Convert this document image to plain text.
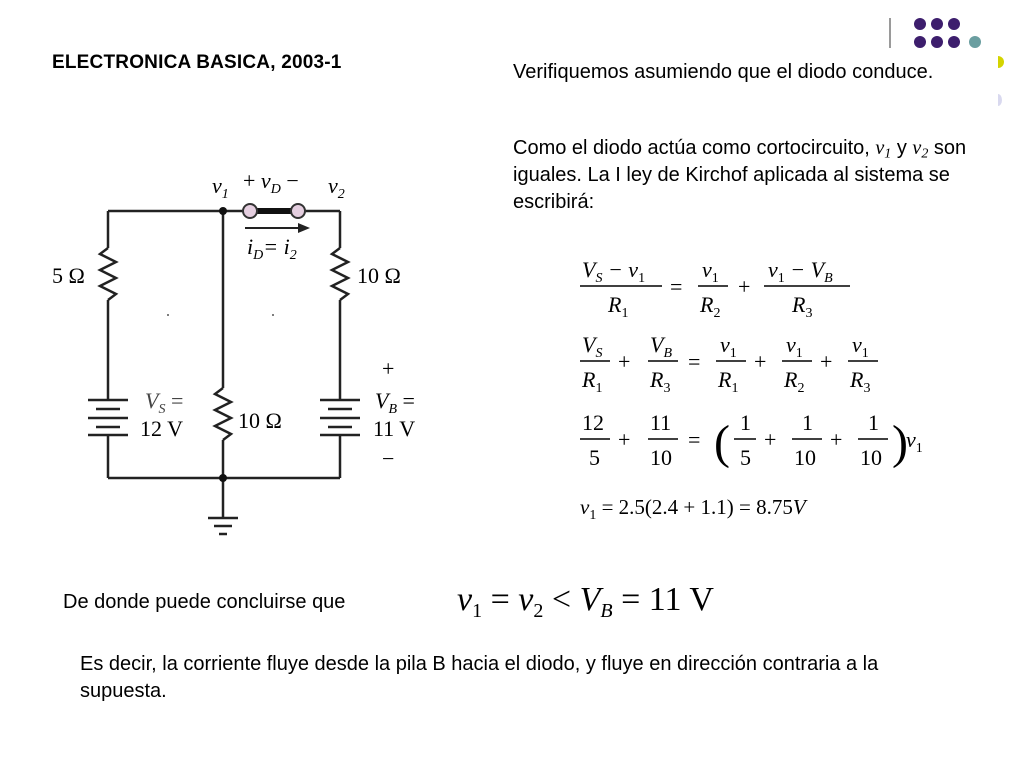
ELECTRONICA BASICA, 2003-1	Verifiquemos asumiendo que el diodo conduce.
Como el diodo actúa como cortocircuito, $v_1$ y $v_2$ son iguales. La I ley de Kirchof aplicada al sistema se escribirá:
De donde puede concluirse que
Es decir, la corriente fluye desde la pila B hacia el diodo, y fluye en dirección contraria a la supuesta.
$v_1$	$v_2$
+ $v_D$ −
$i_D= i_2$
5 Ω
10 Ω
10 Ω
$V_S$ =
12 V
+
$V_B$ =
11 V
−
$V_S - v_1$
$R_1$
=
$v_1$
$R_2$
+
$v_1 - V_B$
$R_3$
$V_S$
$R_1$
+
$V_B$
$R_3$
=
$v_1$
$R_1$
+
$v_1$
$R_2$
+
$v_1$
$R_3$
12
5
+
11
10
= ( 1
5
+
1
10
+
1
10 )
$v_1$
$v_1 = 2.5(2.4 + 1.1) = 8.75V$
$v_1 = v_2 < V_B = 11$ V
